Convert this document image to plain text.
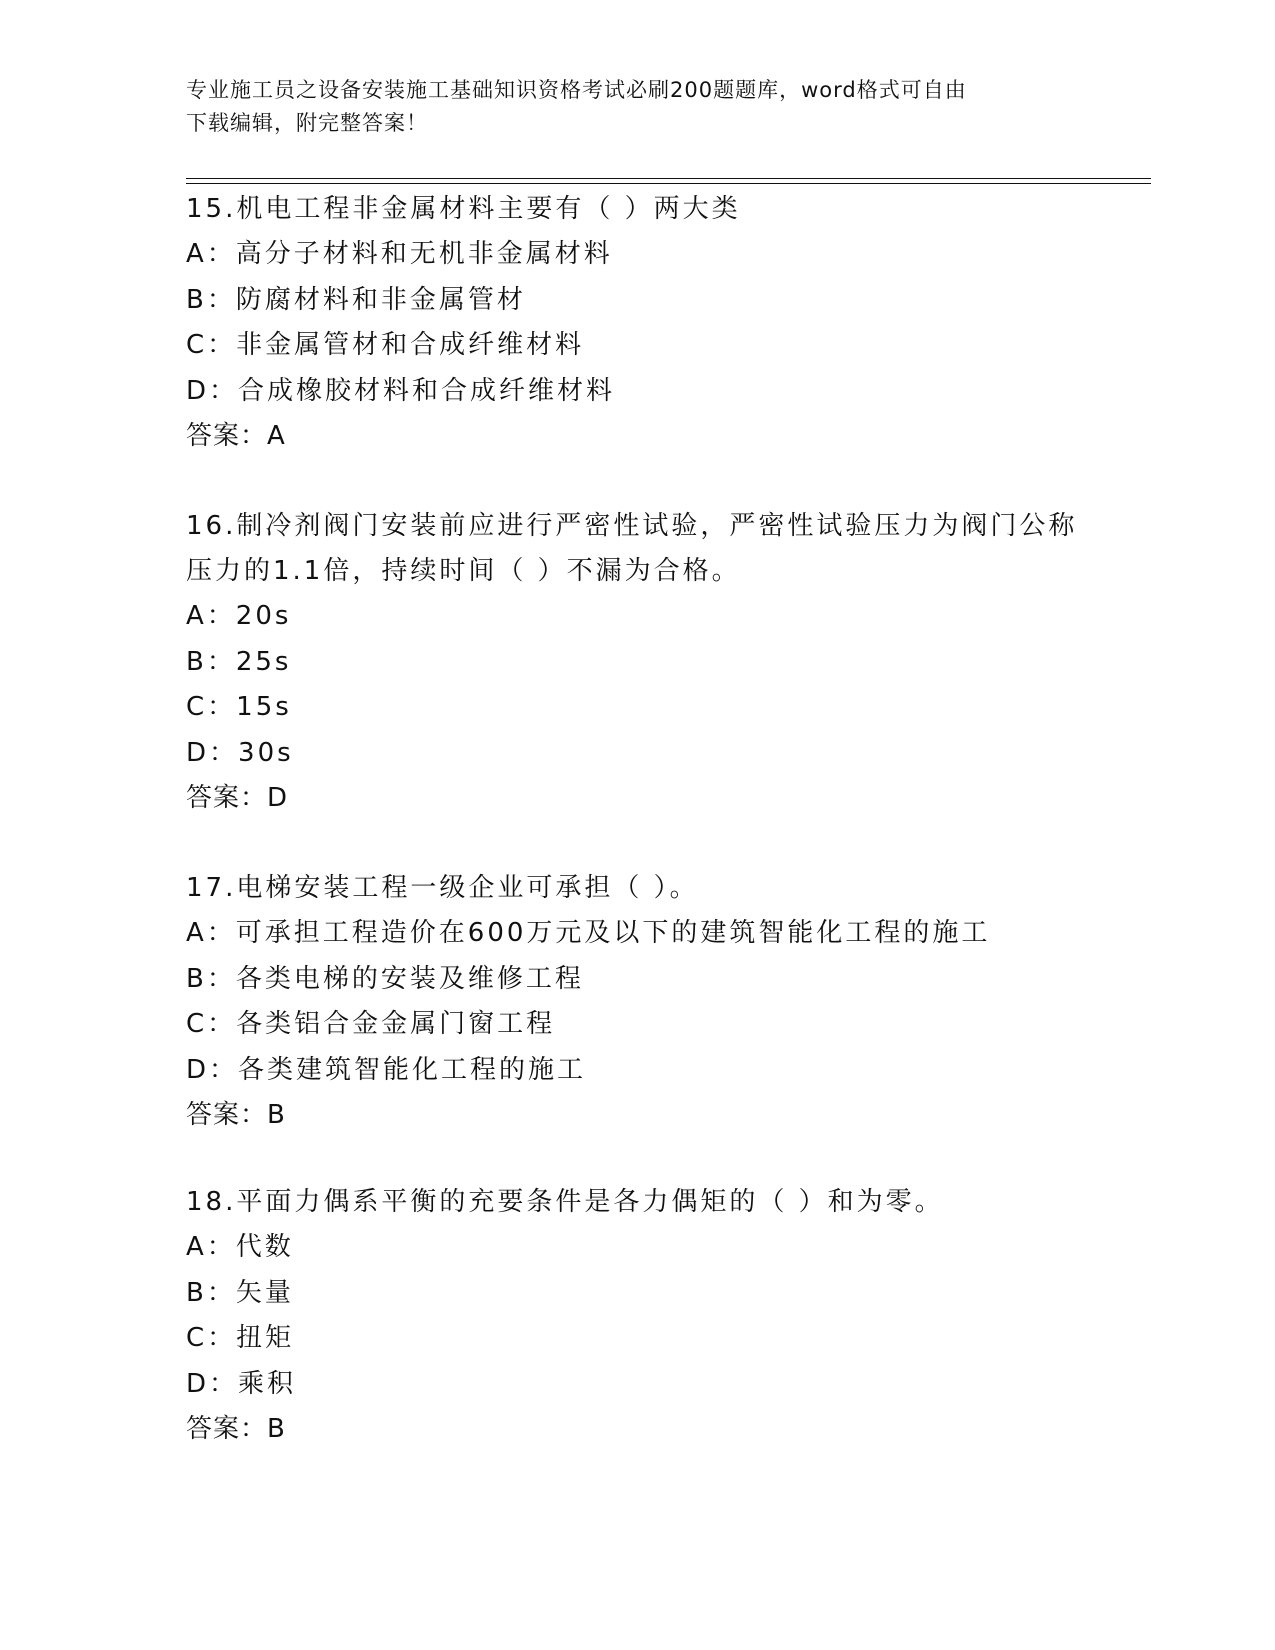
专业施工员之设备安装施工基础知识资格考试必刷200题题库，word格式可自由
下载编辑，附完整答案！
15.机电工程非金属材料主要有（ ）两大类
A：高分子材料和无机非金属材料
B：防腐材料和非金属管材
C：非金属管材和合成纤维材料
D：合成橡胶材料和合成纤维材料
答案：A
16.制冷剂阀门安装前应进行严密性试验，严密性试验压力为阀门公称
压力的1.1倍，持续时间（ ）不漏为合格。
A：20s
B：25s
C：15s
D：30s
答案：D
17.电梯安装工程一级企业可承担（ ）。
A：可承担工程造价在600万元及以下的建筑智能化工程的施工
B：各类电梯的安装及维修工程
C：各类铝合金金属门窗工程
D：各类建筑智能化工程的施工
答案：B
18.平面力偶系平衡的充要条件是各力偶矩的（ ）和为零。
A：代数
B：矢量
C：扭矩
D：乘积
答案：B
